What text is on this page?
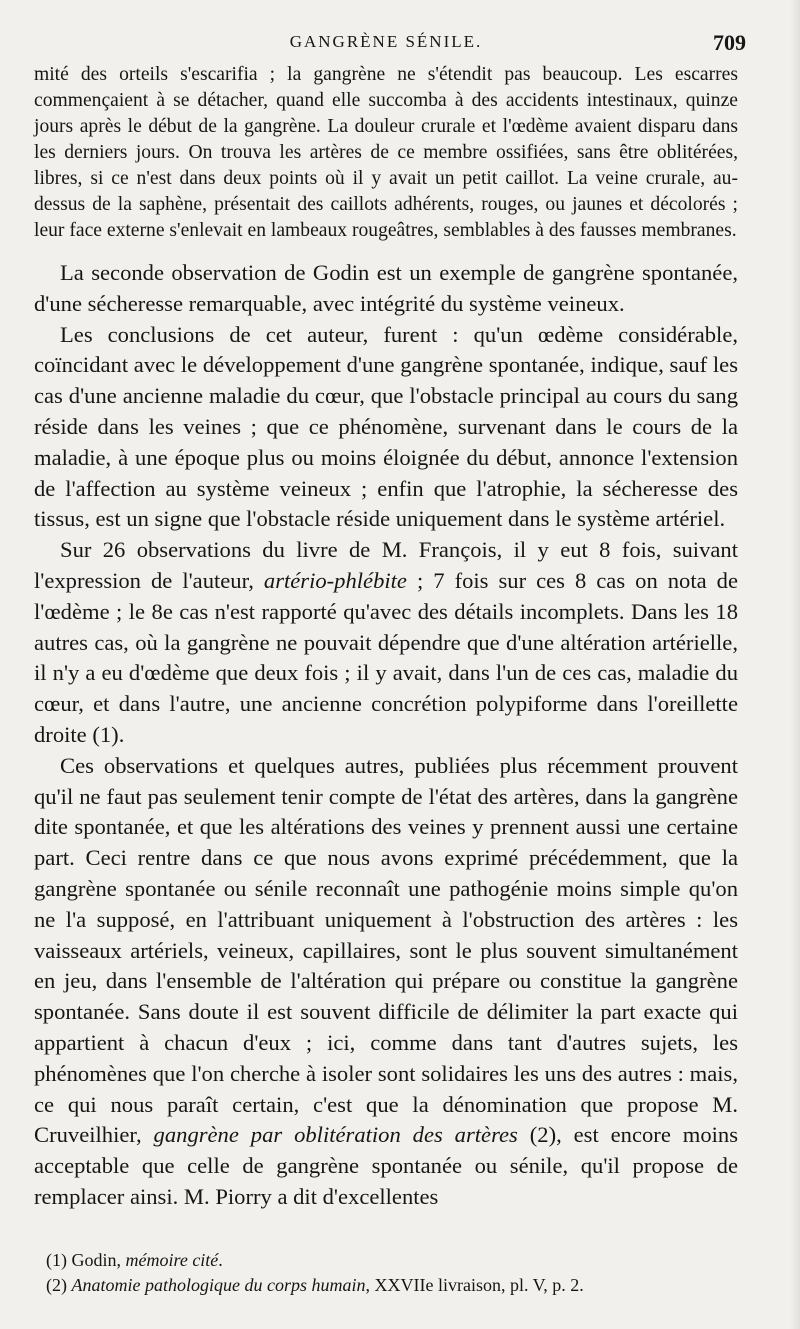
GANGRÈNE SÉNILE.	709

mité des orteils s'escarifia ; la gangrène ne s'étendit pas beaucoup. Les escarres commençaient à se détacher, quand elle succomba à des accidents intestinaux, quinze jours après le début de la gangrène. La douleur crurale et l'œdème avaient disparu dans les derniers jours. On trouva les artères de ce membre ossifiées, sans être oblitérées, libres, si ce n'est dans deux points où il y avait un petit caillot. La veine crurale, au-dessus de la saphène, présentait des caillots adhérents, rouges, ou jaunes et décolorés ; leur face externe s'enlevait en lambeaux rougeâtres, semblables à des fausses membranes.

La seconde observation de Godin est un exemple de gangrène spontanée, d'une sécheresse remarquable, avec intégrité du système veineux.

Les conclusions de cet auteur, furent : qu'un œdème considérable, coïncidant avec le développement d'une gangrène spontanée, indique, sauf les cas d'une ancienne maladie du cœur, que l'obstacle principal au cours du sang réside dans les veines ; que ce phénomène, survenant dans le cours de la maladie, à une époque plus ou moins éloignée du début, annonce l'extension de l'affection au système veineux ; enfin que l'atrophie, la sécheresse des tissus, est un signe que l'obstacle réside uniquement dans le système artériel.

Sur 26 observations du livre de M. François, il y eut 8 fois, suivant l'expression de l'auteur, artério-phlébite ; 7 fois sur ces 8 cas on nota de l'œdème ; le 8e cas n'est rapporté qu'avec des détails incomplets. Dans les 18 autres cas, où la gangrène ne pouvait dépendre que d'une altération artérielle, il n'y a eu d'œdème que deux fois ; il y avait, dans l'un de ces cas, maladie du cœur, et dans l'autre, une ancienne concrétion polypiforme dans l'oreillette droite (1).

Ces observations et quelques autres, publiées plus récemment prouvent qu'il ne faut pas seulement tenir compte de l'état des artères, dans la gangrène dite spontanée, et que les altérations des veines y prennent aussi une certaine part. Ceci rentre dans ce que nous avons exprimé précédemment, que la gangrène spontanée ou sénile reconnaît une pathogénie moins simple qu'on ne l'a supposé, en l'attribuant uniquement à l'obstruction des artères : les vaisseaux artériels, veineux, capillaires, sont le plus souvent simultanément en jeu, dans l'ensemble de l'altération qui prépare ou constitue la gangrène spontanée. Sans doute il est souvent difficile de délimiter la part exacte qui appartient à chacun d'eux ; ici, comme dans tant d'autres sujets, les phénomènes que l'on cherche à isoler sont solidaires les uns des autres : mais, ce qui nous paraît certain, c'est que la dénomination que propose M. Cruveilhier, gangrène par oblitération des artères (2), est encore moins acceptable que celle de gangrène spontanée ou sénile, qu'il propose de remplacer ainsi. M. Piorry a dit d'excellentes

(1) Godin, mémoire cité.

(2) Anatomie pathologique du corps humain, XXVIIe livraison, pl. V, p. 2.
